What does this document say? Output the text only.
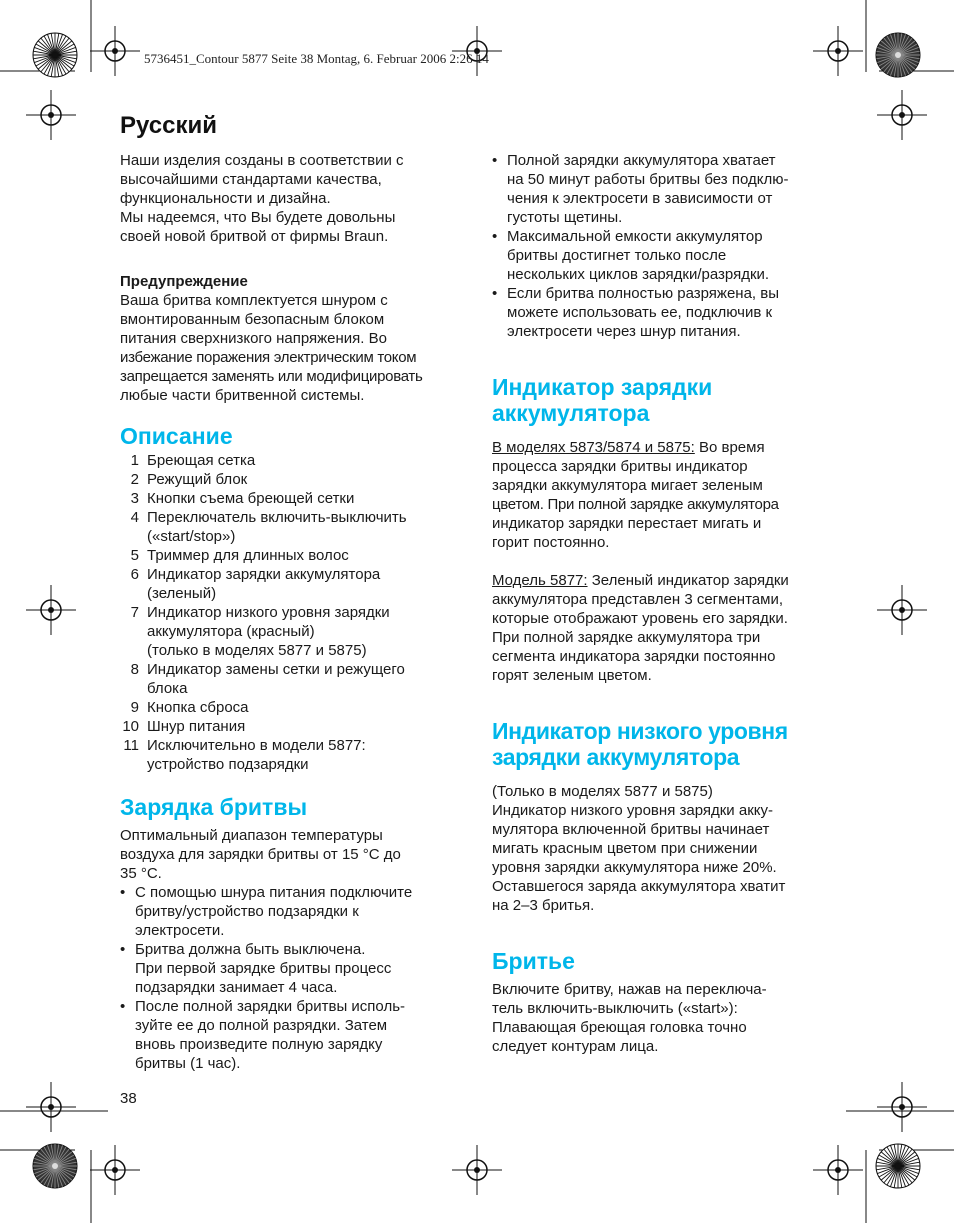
5736451_Contour 5877 Seite 38 Montag, 6. Februar 2006 2:26 14
Русский

Наши изделия созданы в соответствии с

высочайшими стандартами качества,

функциональности и дизайна.

Мы надеемся, что Вы будете довольны

своей новой бритвой от фирмы Braun.

Предупреждение

Ваша бритва комплектуется шнуром с

вмонтированным безопасным блоком

питания сверхнизкого напряжения. Во

избежание поражения электрическим током

запрещается заменять или модифицировать

любые части бритвенной системы.

Описание
1 Бреющая сетка
2 Режущий блок
3 Кнопки съема бреющей сетки
4 Переключатель включить-выключить
(«start/stop»)
5 Триммер для длинных волос
6 Индикатор зарядки аккумулятора
(зеленый)
7 Индикатор низкого уровня зарядки
аккумулятора (красный)
(только в моделях 5877 и 5875)
8 Индикатор замены сетки и режущего
блока
9 Кнопка сброса
10 Шнур питания
11 Исключительно в модели 5877:
устройство подзарядки
Зарядка бритвы

Оптимальный диапазон температуры

воздуха для зарядки бритвы от 15 °C до

35 °C.

• С помощью шнура питания подключите
бритву/устройство подзарядки к
электросети.
• Бритва должна быть выключена.
При первой зарядке бритвы процесс
подзарядки занимает 4 часа.
• После полной зарядки бритвы исполь-
зуйте ее до полной разрядки. Затем
вновь произведите полную зарядку
бритвы (1 час).
• Полной зарядки аккумулятора хватает
на 50 минут работы бритвы без подклю-
чения к электросети в зависимости от
густоты щетины.
• Максимальной емкости аккумулятор
бритвы достигнет только после
нескольких циклов зарядки/разрядки.
• Если бритва полностью разряжена, вы
можете использовать ее, подключив к
электросети через шнур питания.
Индикатор зарядки
аккумулятора

В моделях 5873/5874 и 5875: Во время

процесса зарядки бритвы индикатор

зарядки аккумулятора мигает зеленым

цветом. При полной зарядке аккумулятора

индикатор зарядки перестает мигать и

горит постоянно.

Модель 5877: Зеленый индикатор зарядки

аккумулятора представлен 3 сегментами,

которые отображают уровень его зарядки.

При полной зарядке аккумулятора три

сегмента индикатора зарядки постоянно

горят зеленым цветом.

Индикатор низкого уровня
зарядки аккумулятора

(Только в моделях 5877 и 5875)

Индикатор низкого уровня зарядки акку-

мулятора включенной бритвы начинает

мигать красным цветом при снижении

уровня зарядки аккумулятора ниже 20%.

Оставшегося заряда аккумулятора хватит

на 2–3 бритья.

Бритье

Включите бритву, нажав на переключа-

тель включить-выключить («start»):

Плавающая бреющая головка точно

следует контурам лица.

38
